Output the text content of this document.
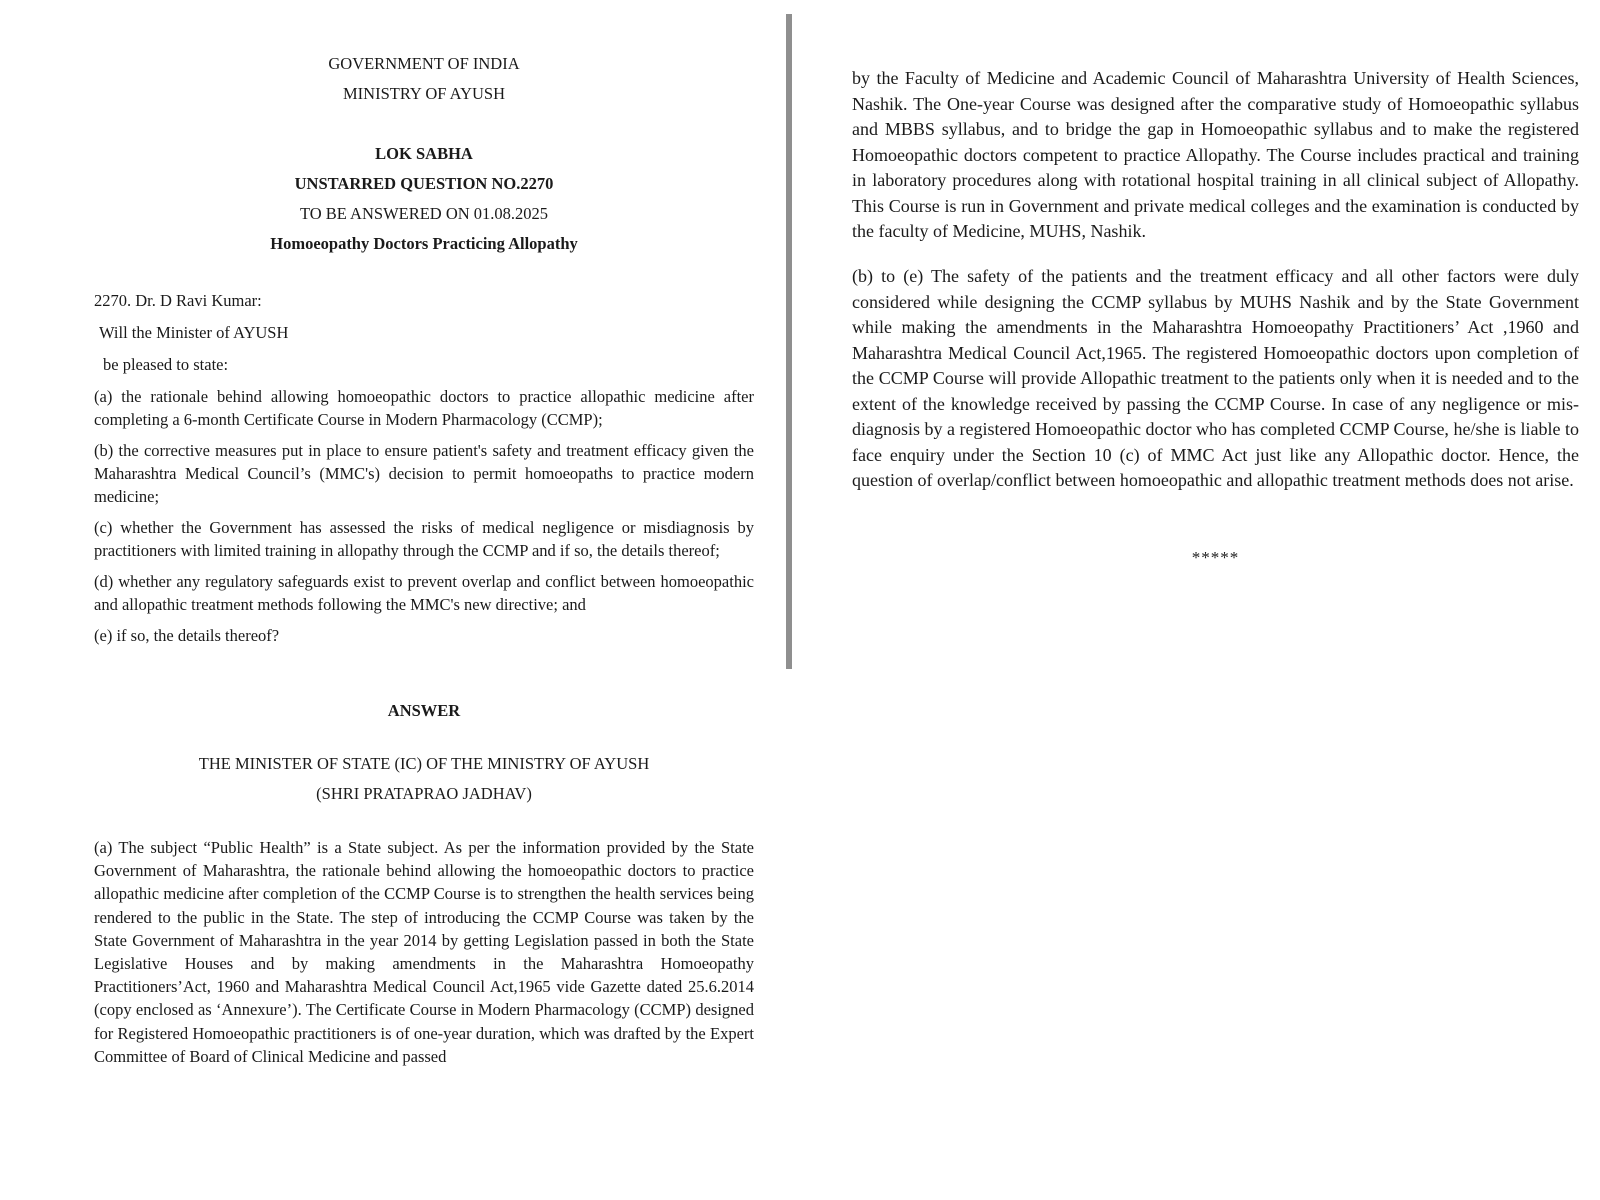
GOVERNMENT OF INDIA

MINISTRY OF AYUSH

LOK SABHA

UNSTARRED QUESTION NO.2270

TO BE ANSWERED ON 01.08.2025

Homoeopathy Doctors Practicing Allopathy

2270. Dr. D Ravi Kumar:

Will the Minister of AYUSH

be pleased to state:

(a) the rationale behind allowing homoeopathic doctors to practice allopathic medicine after completing a 6-month Certificate Course in Modern Pharmacology (CCMP);

(b) the corrective measures put in place to ensure patient's safety and treatment efficacy given the Maharashtra Medical Council’s (MMC's) decision to permit homoeopaths to practice modern medicine;

(c) whether the Government has assessed the risks of medical negligence or misdiagnosis by practitioners with limited training in allopathy through the CCMP and if so, the details thereof;

(d) whether any regulatory safeguards exist to prevent overlap and conflict between homoeopathic and allopathic treatment methods following the MMC's new directive; and

(e) if so, the details thereof?

ANSWER

THE MINISTER OF STATE (IC) OF THE MINISTRY OF AYUSH

(SHRI PRATAPRAO JADHAV)

(a) The subject “Public Health” is a State subject. As per the information provided by the State Government of Maharashtra, the rationale behind allowing the homoeopathic doctors to practice allopathic medicine after completion of the CCMP Course is to strengthen the health services being rendered to the public in the State. The step of introducing the CCMP Course was taken by the State Government of Maharashtra in the year 2014 by getting Legislation passed in both the State Legislative Houses and by making amendments in the Maharashtra Homoeopathy Practitioners’Act, 1960 and Maharashtra Medical Council Act,1965 vide Gazette dated 25.6.2014 (copy enclosed as ‘Annexure’). The Certificate Course in Modern Pharmacology (CCMP) designed for Registered Homoeopathic practitioners is of one-year duration, which was drafted by the Expert Committee of Board of Clinical Medicine and passed

by the Faculty of Medicine and Academic Council of Maharashtra University of Health Sciences, Nashik. The One-year Course was designed after the comparative study of Homoeopathic syllabus and MBBS syllabus, and to bridge the gap in Homoeopathic syllabus and to make the registered Homoeopathic doctors competent to practice Allopathy. The Course includes practical and training in laboratory procedures along with rotational hospital training in all clinical subject of Allopathy. This Course is run in Government and private medical colleges and the examination is conducted by the faculty of Medicine, MUHS, Nashik.

(b) to (e) The safety of the patients and the treatment efficacy and all other factors were duly considered while designing the CCMP syllabus by MUHS Nashik and by the State Government while making the amendments in the Maharashtra Homoeopathy Practitioners’ Act ,1960 and Maharashtra Medical Council Act,1965. The registered Homoeopathic doctors upon completion of the CCMP Course will provide Allopathic treatment to the patients only when it is needed and to the extent of the knowledge received by passing the CCMP Course. In case of any negligence or mis-diagnosis by a registered Homoeopathic doctor who has completed CCMP Course, he/she is liable to face enquiry under the Section 10 (c) of MMC Act just like any Allopathic doctor. Hence, the question of overlap/conflict between homoeopathic and allopathic treatment methods does not arise.

*****
